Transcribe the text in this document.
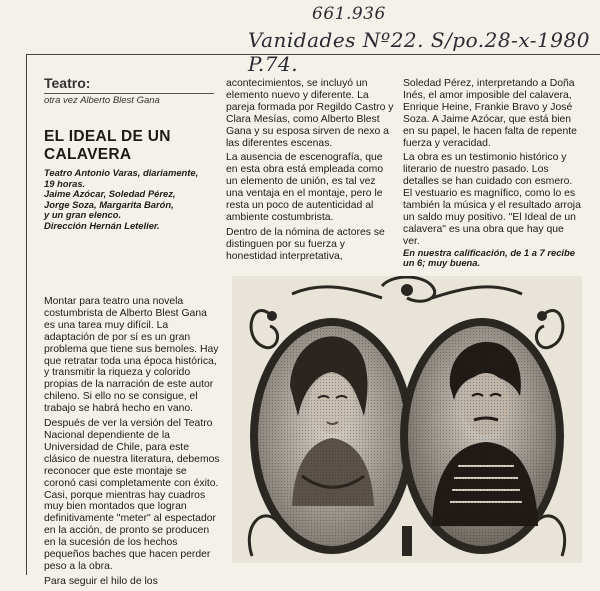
661.936
Vanidades Nº22. S/po.28-x-1980 P.74.
Teatro:
otra vez Alberto Blest Gana
EL IDEAL DE UN CALAVERA
Teatro Antonio Varas, diariamente,
19 horas.
Jaime Azócar, Soledad Pérez,
Jorge Soza, Margarita Barón,
y un gran elenco.
Dirección Hernán Letelier.

Montar para teatro una novela costumbrista de Alberto Blest Gana es una tarea muy difícil. La adaptación de por sí es un gran problema que tiene sus bemoles. Hay que retratar toda una época histórica, y transmitir la riqueza y colorido propias de la narración de este autor chileno. Si ello no se consigue, el trabajo se habrá hecho en vano.

Después de ver la versión del Teatro Nacional dependiente de la Universidad de Chile, para este clásico de nuestra literatura, debemos reconocer que este montaje se coronó casi completamente con éxito. Casi, porque mientras hay cuadros muy bien montados que logran definitivamente "meter" al espectador en la acción, de pronto se producen en la sucesión de los hechos pequeños baches que hacen perder peso a la obra.

Para seguir el hilo de los

acontecimientos, se incluyó un elemento nuevo y diferente. La pareja formada por Regildo Castro y Clara Mesías, como Alberto Blest Gana y su esposa sirven de nexo a las diferentes escenas.

La ausencia de escenografía, que en esta obra está empleada como un elemento de unión, es tal vez una ventaja en el montaje, pero le resta un poco de autenticidad al ambiente costumbrista.

Dentro de la nómina de actores se distinguen por su fuerza y honestidad interpretativa,

Soledad Pérez, interpretando a Doña Inés, el amor imposible del calavera, Enrique Heine, Frankie Bravo y José Soza. A Jaime Azócar, que está bien en su papel, le hacen falta de repente fuerza y veracidad.

La obra es un testimonio histórico y literario de nuestro pasado. Los detalles se han cuidado con esmero. El vestuario es magnífico, como lo es también la música y el resultado arroja un saldo muy positivo. "El Ideal de un calavera" es una obra que hay que ver.

En nuestra calificación, de 1 a 7 recibe un 6; muy buena.
